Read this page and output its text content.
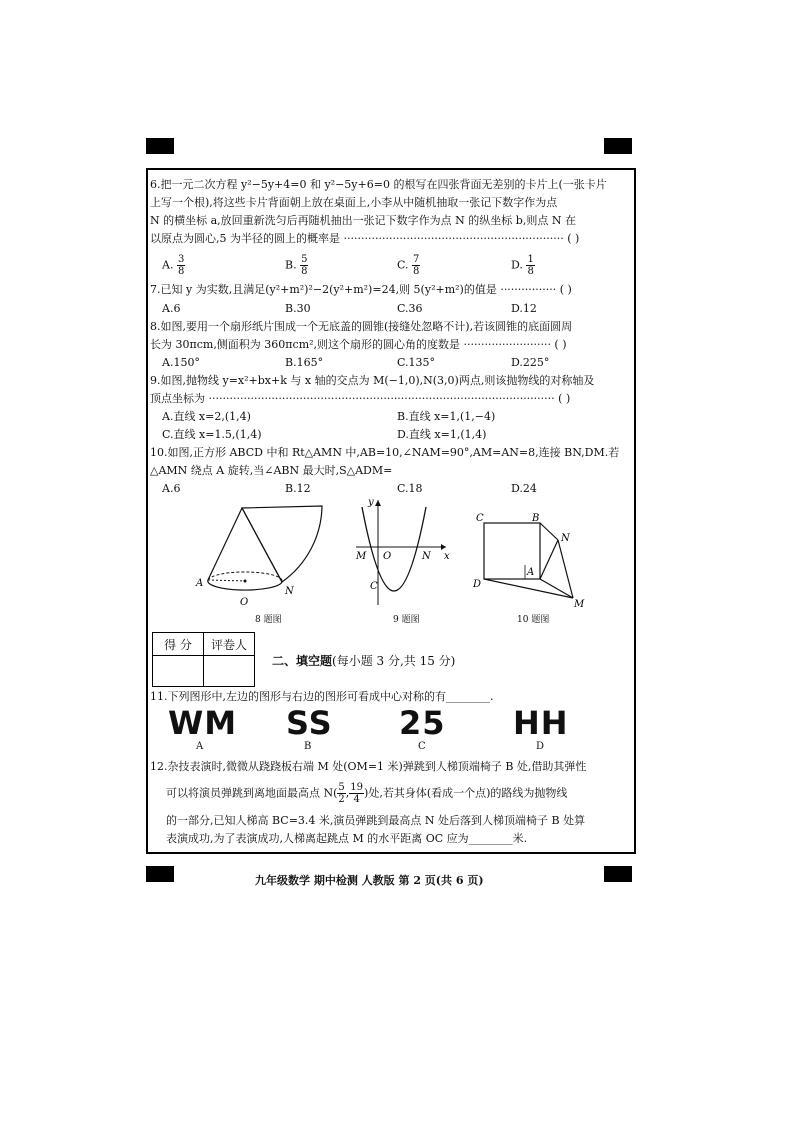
6.把一元二次方程 y²−5y+4=0 和 y²−5y+6=0 的根写在四张背面无差别的卡片上(一张卡片
上写一个根),将这些卡片背面朝上放在桌面上,小李从中随机抽取一张记下数字作为点
N 的横坐标 a,放回重新洗匀后再随机抽出一张记下数字作为点 N 的纵坐标 b,则点 N 在
以原点为圆心,5 为半径的圆上的概率是 ······························································· ( )
A. $\frac{3}{8}$	B. $\frac{5}{8}$	C. $\frac{7}{8}$	D. $\frac{1}{8}$
7.已知 y 为实数,且满足(y²+m²)²−2(y²+m²)=24,则 5(y²+m²)的值是 ················ ( )
A.6	B.30	C.36	D.12
8.如图,要用一个扇形纸片围成一个无底盖的圆锥(接缝处忽略不计),若该圆锥的底面圆周
长为 30πcm,侧面积为 360πcm²,则这个扇形的圆心角的度数是 ························· ( )
A.150°	B.165°	C.135°	D.225°
9.如图,抛物线 y=x²+bx+k 与 x 轴的交点为 M(−1,0),N(3,0)两点,则该抛物线的对称轴及
顶点坐标为 ··································································································· ( )
A.直线 x=2,(1,4)	B.直线 x=1,(1,−4)
C.直线 x=1.5,(1,4)	D.直线 x=1,(1,4)
10.如图,正方形 ABCD 中和 Rt△AMN 中,AB=10,∠NAM=90°,AM=AN=8,连接 BN,DM.若
△AMN 绕点 A 旋转,当∠ABN 最大时,S△ADM=
A.6	B.12	C.18	D.24
A
O
N
8 题图
y
M O	N x
C
9 题图
C	B
N
A
D
M
10 题图
得 分	评卷人

二、填空题(每小题 3 分,共 15 分)
11.下列图形中,左边的图形与右边的图形可看成中心对称的有________.
WM
A
SS
B
25
C
HH
D
12.杂技表演时,微微从跷跷板右端 M 处(OM=1 米)弹跳到人梯顶端椅子 B 处,借助其弹性
可以将演员弹跳到离地面最高点 $N( \frac{5}{2}$ , $\frac{19}{4}$ )处,若其身体(看成一个点)的路线为抛物线
的一部分,已知人梯高 BC=3.4 米,演员弹跳到最高点 N 处后落到人梯顶端椅子 B 处算
表演成功,为了表演成功,人梯离起跳点 M 的水平距离 OC 应为________米.
九年级数学 期中检测 人教版 第 2 页(共 6 页)
